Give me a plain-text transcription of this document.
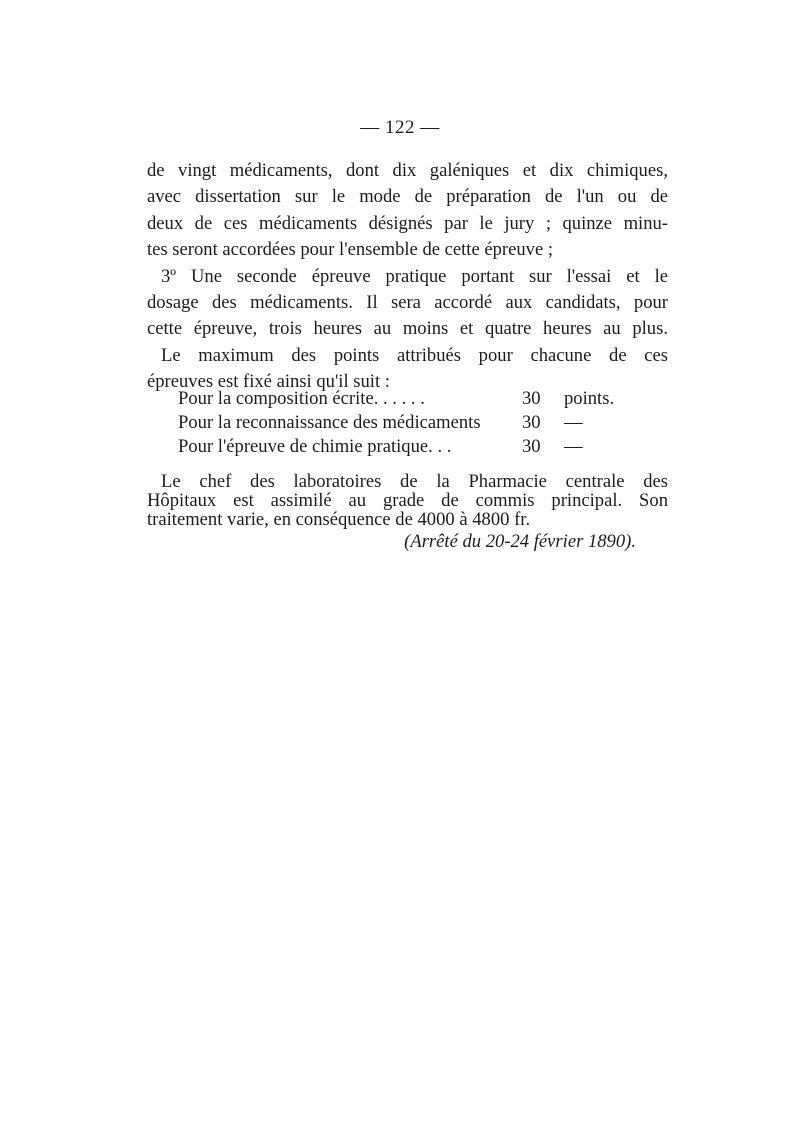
— 122 —

de vingt médicaments, dont dix galéniques et dix chimiques,
avec dissertation sur le mode de préparation de l'un ou de
deux de ces médicaments désignés par le jury ; quinze minu-
tes seront accordées pour l'ensemble de cette épreuve ;

3º Une seconde épreuve pratique portant sur l'essai et le
dosage des médicaments. Il sera accordé aux candidats, pour
cette épreuve, trois heures au moins et quatre heures au plus.

Le maximum des points attribués pour chacune de ces
épreuves est fixé ainsi qu'il suit :

Pour la composition écrite. . . . . .	30	points.
Pour la reconnaissance des médicaments	30	—
Pour l'épreuve de chimie pratique. . .	30	—
Le chef des laboratoires de la Pharmacie centrale des
Hôpitaux est assimilé au grade de commis principal. Son
traitement varie, en conséquence de 4000 à 4800 fr.
(Arrêté du 20-24 février 1890).
